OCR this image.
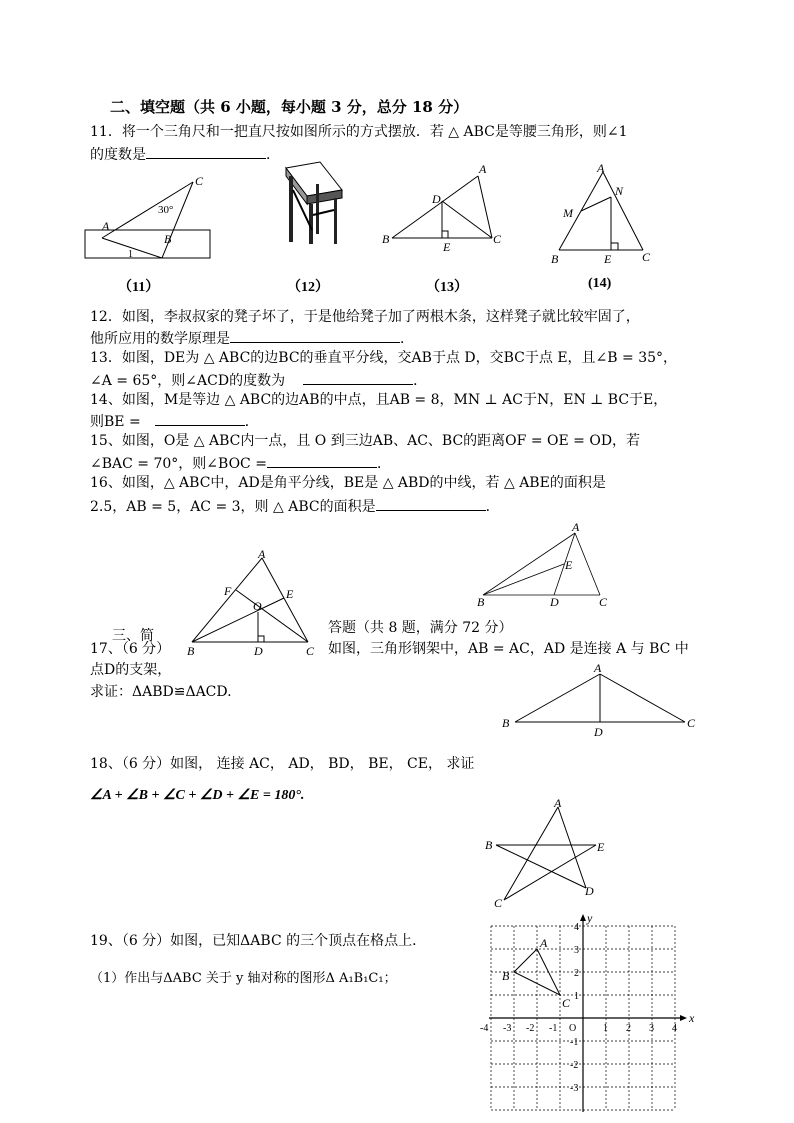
二、填空题（共 6 小题，每小题 3 分，总分 18 分）
11．将一个三角尺和一把直尺按如图所示的方式摆放．若 △ ABC是等腰三角形，则∠1
的度数是	．
A
C
B
30°
1
（11）	（12）
A
B	C
D
E
（13）
A
N
M
B	E	C
(14)
12．如图，李叔叔家的凳子坏了，于是他给凳子加了两根木条，这样凳子就比较牢固了，
他所应用的数学原理是	．
13．如图，DE为 △ ABC的边BC的垂直平分线，交AB于点 D，交BC于点 E，且∠B = 35°，
∠A = 65°，则∠ACD的度数为	．
14、如图，M是等边 △ ABC的边AB的中点，且AB = 8，MN ⊥ AC于N，EN ⊥ BC于E，
则BE =	．
15、如图，O是 △ ABC内一点，且 O 到三边AB、AC、BC的距离OF = OE = OD，若
∠BAC = 70°，则∠BOC =	．
16、如图，△ ABC中，AD是角平分线，BE是 △ ABD的中线，若 △ ABE的面积是
2.5，AB = 5，AC = 3，则 △ ABC的面积是	．
A
E
B	D	C
A
F	E
O
B	D	C
三、简	答题（共 8 题，满分 72 分）
17、（6 分）	如图，三角形钢架中，AB = AC，AD 是连接 A 与 BC 中
点D的支架，
求证：ΔABD≌ΔACD.
A
B
D
C
18、（6 分）如图， 连接 AC， AD， BD， BE， CE， 求证
∠A + ∠B + ∠C + ∠D + ∠E = 180°.	A
B	E
D
C
19、（6 分）如图，已知ΔABC 的三个顶点在格点上．
（1）作出与ΔABC 关于 y 轴对称的图形Δ A₁B₁C₁；
x
y
O
-4 -3 -2 -1	1 2 3 4
4
3
2
1
-1
-2
-3
A
B
C
